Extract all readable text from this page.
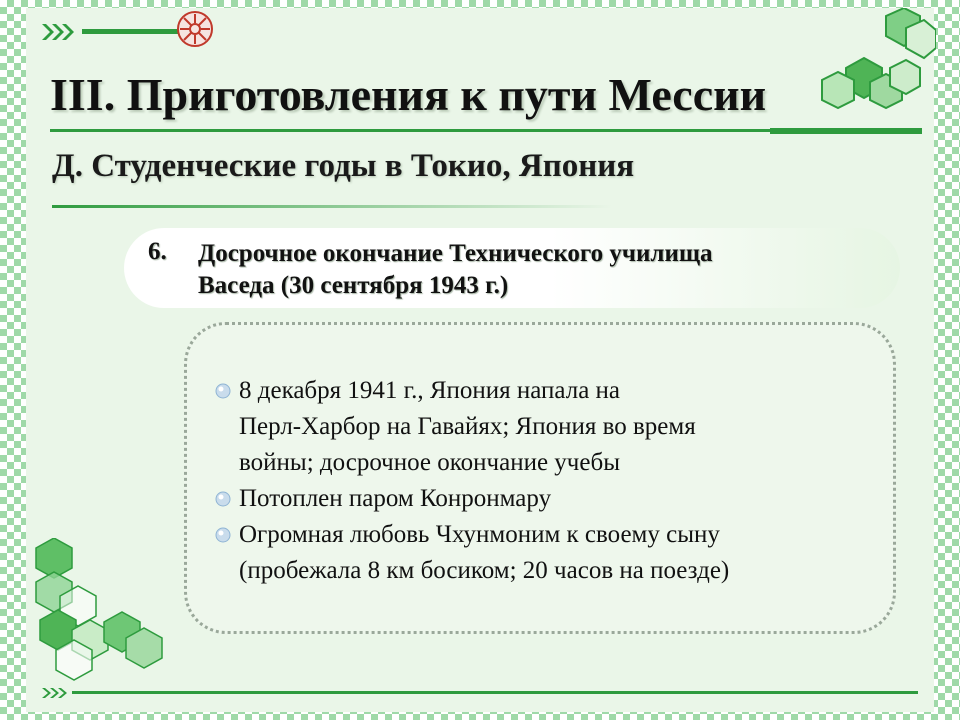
III. Приготовления к пути Мессии
Д. Студенческие годы в Токио, Япония
6. Досрочное окончание Технического училища
Васеда (30 сентября 1943 г.)
8 декабря 1941 г., Япония напала на
Перл-Харбор на Гавайях; Япония во время
войны; досрочное окончание учебы
Потоплен паром Конронмару
Огромная любовь Чхунмоним к своему сыну
(пробежала 8 км босиком; 20 часов на поезде)
